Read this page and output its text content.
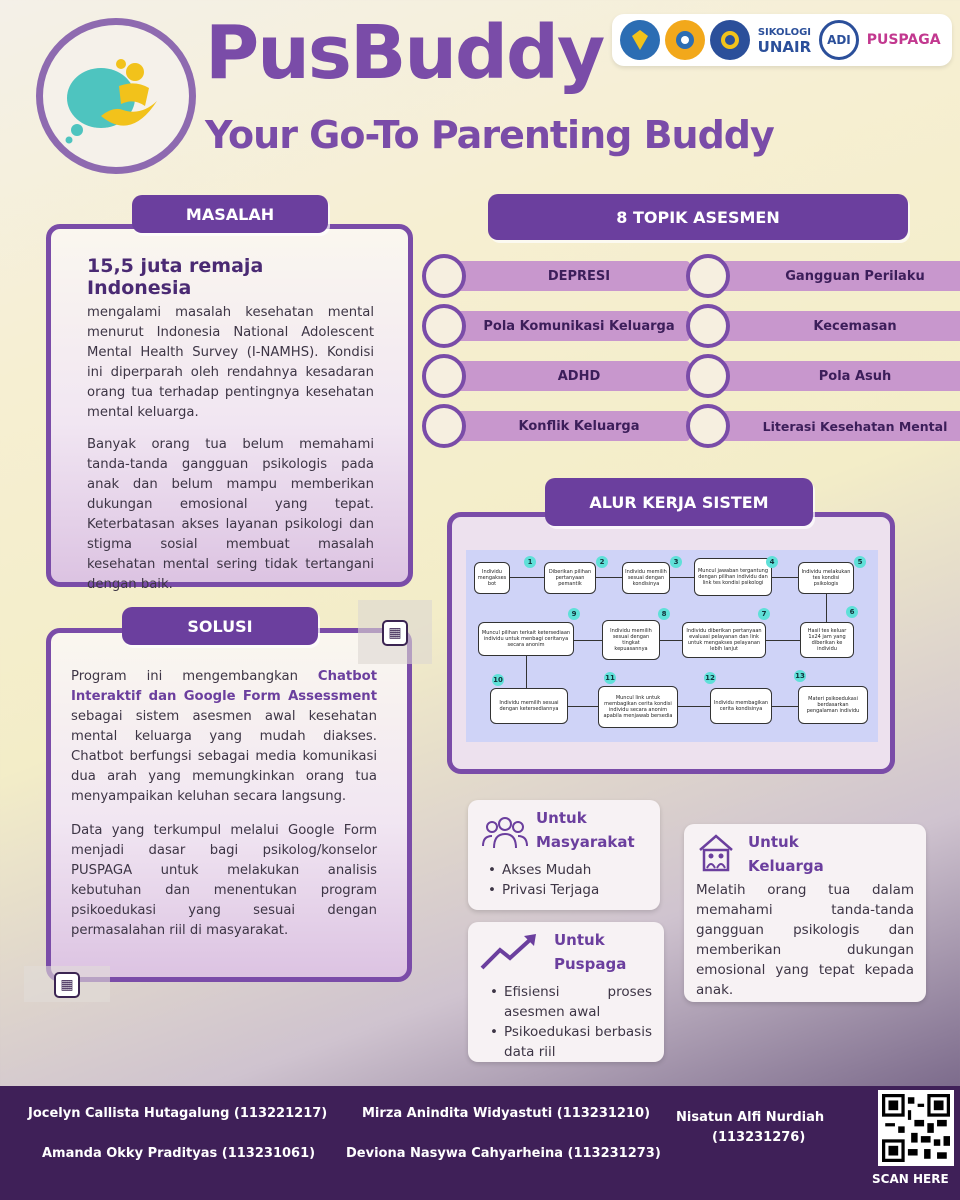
PusBuddy
Your Go-To Parenting Buddy
SIKOLOGI
UNAIR	ADI	PUSPAGA
15,5 juta remaja Indonesia

mengalami masalah kesehatan mental menurut Indonesia National Adolescent Mental Health Survey (I-NAMHS). Kondisi ini diperparah oleh rendahnya kesadaran orang tua terhadap pentingnya kesehatan mental keluarga.

Banyak orang tua belum memahami tanda-tanda gangguan psikologis pada anak dan belum mampu memberikan dukungan emosional yang tepat. Keterbatasan akses layanan psikologi dan stigma sosial membuat masalah kesehatan mental sering tidak tertangani dengan baik.

MASALAH	8 TOPIK ASESMEN
DEPRESI
Pola Komunikasi Keluarga
ADHD
Konflik Keluarga
Gangguan Perilaku
Kecemasan
Pola Asuh
Literasi Kesehatan Mental
ALUR KERJA SISTEM
Individu mengakses bot
Diberikan pilihan pertanyaan pemantik
Individu memilih sesuai dengan kondisinya
Muncul jawaban tergantung dengan pilihan individu dan link tes kondisi psikologi
Individu melakukan tes kondisi psikologis
Hasil tes keluar 1x24 jam yang diberikan ke individu
Individu diberikan pertanyaan evaluasi pelayanan dan link untuk mengakses pelayanan lebih lanjut
Individu memilih sesuai dengan tingkat kepuasannya
Muncul pilihan terkait ketersediaan individu untuk menbagi ceritanya secara anonim
Individu memilih sesuai dengan ketersediannya
Muncul link untuk membagikan cerita kondisi individu secara anonim apabila menjawab bersedia
Individu membagikan cerita kondisinya
Materi psikoedukasi berdasarkan pengalaman individu
1	2	3	4	5
6
7
8
9
10	11	12	13

Program ini mengembangkan Chatbot Interaktif dan Google Form Assessment sebagai sistem asesmen awal kesehatan mental keluarga yang mudah diakses. Chatbot berfungsi sebagai media komunikasi dua arah yang memungkinkan orang tua menyampaikan keluhan secara langsung.

Data yang terkumpul melalui Google Form menjadi dasar bagi psikolog/konselor PUSPAGA untuk melakukan analisis kebutuhan dan menentukan program psikoedukasi yang sesuai dengan permasalahan riil di masyarakat.

SOLUSI	▦
▦
Untuk
Masyarakat
• Akses Mudah
• Privasi Terjaga
Untuk
Puspaga
• Efisiensi proses asesmen awal
• Psikoedukasi berbasis data riil
Untuk
Keluarga

Melatih orang tua dalam memahami tanda-tanda gangguan psikologis dan memberikan dukungan emosional yang tepat kepada anak.

Jocelyn Callista Hutagalung (113221217)	Mirza Anindita Widyastuti (113231210) Nisatun Alfi Nurdiah
(113231276)
Amanda Okky Pradityas (113231061) Deviona Nasywa Cahyarheina (113231273)
SCAN HERE
